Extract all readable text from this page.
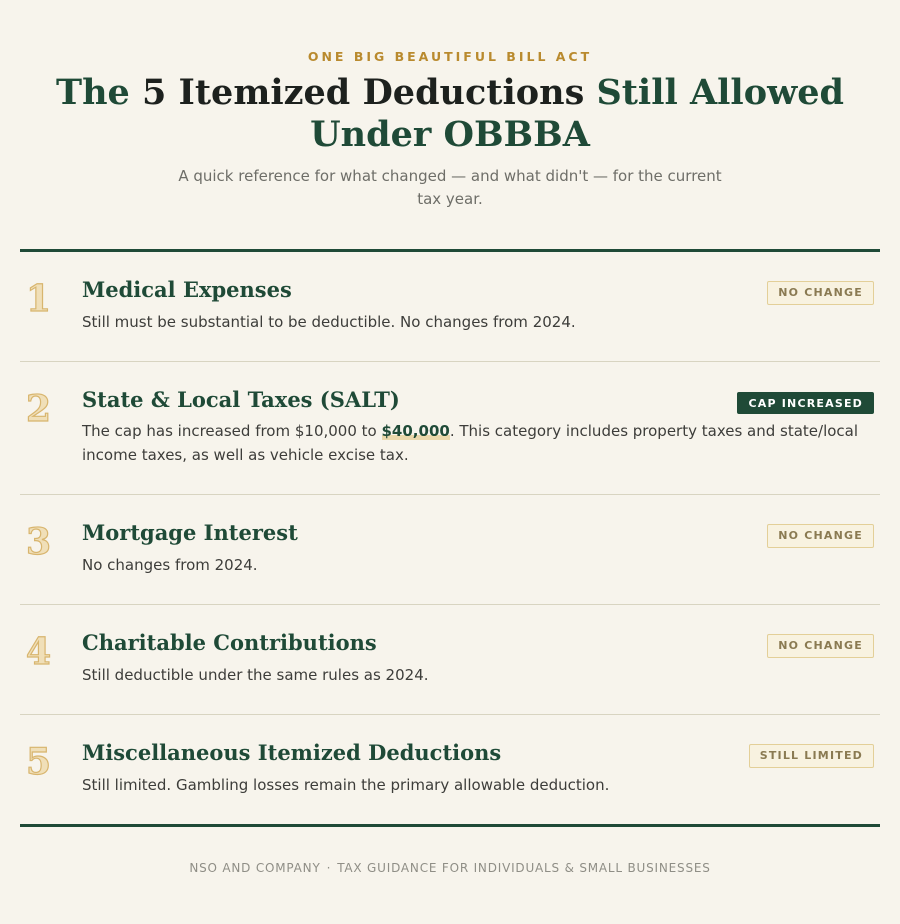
ONE BIG BEAUTIFUL BILL ACT
The 5 Itemized Deductions Still Allowed Under OBBBA

A quick reference for what changed — and what didn't — for the current tax year.

1 Medical Expenses	NO CHANGE
Still must be substantial to be deductible. No changes from 2024.
2 State & Local Taxes (SALT)	CAP INCREASED
The cap has increased from $10,000 to $40,000. This category includes property taxes and state/local income taxes, as well as vehicle excise tax.
3 Mortgage Interest	NO CHANGE
No changes from 2024.
4 Charitable Contributions	NO CHANGE
Still deductible under the same rules as 2024.
5 Miscellaneous Itemized Deductions	STILL LIMITED
Still limited. Gambling losses remain the primary allowable deduction.
NSO AND COMPANY · TAX GUIDANCE FOR INDIVIDUALS & SMALL BUSINESSES
